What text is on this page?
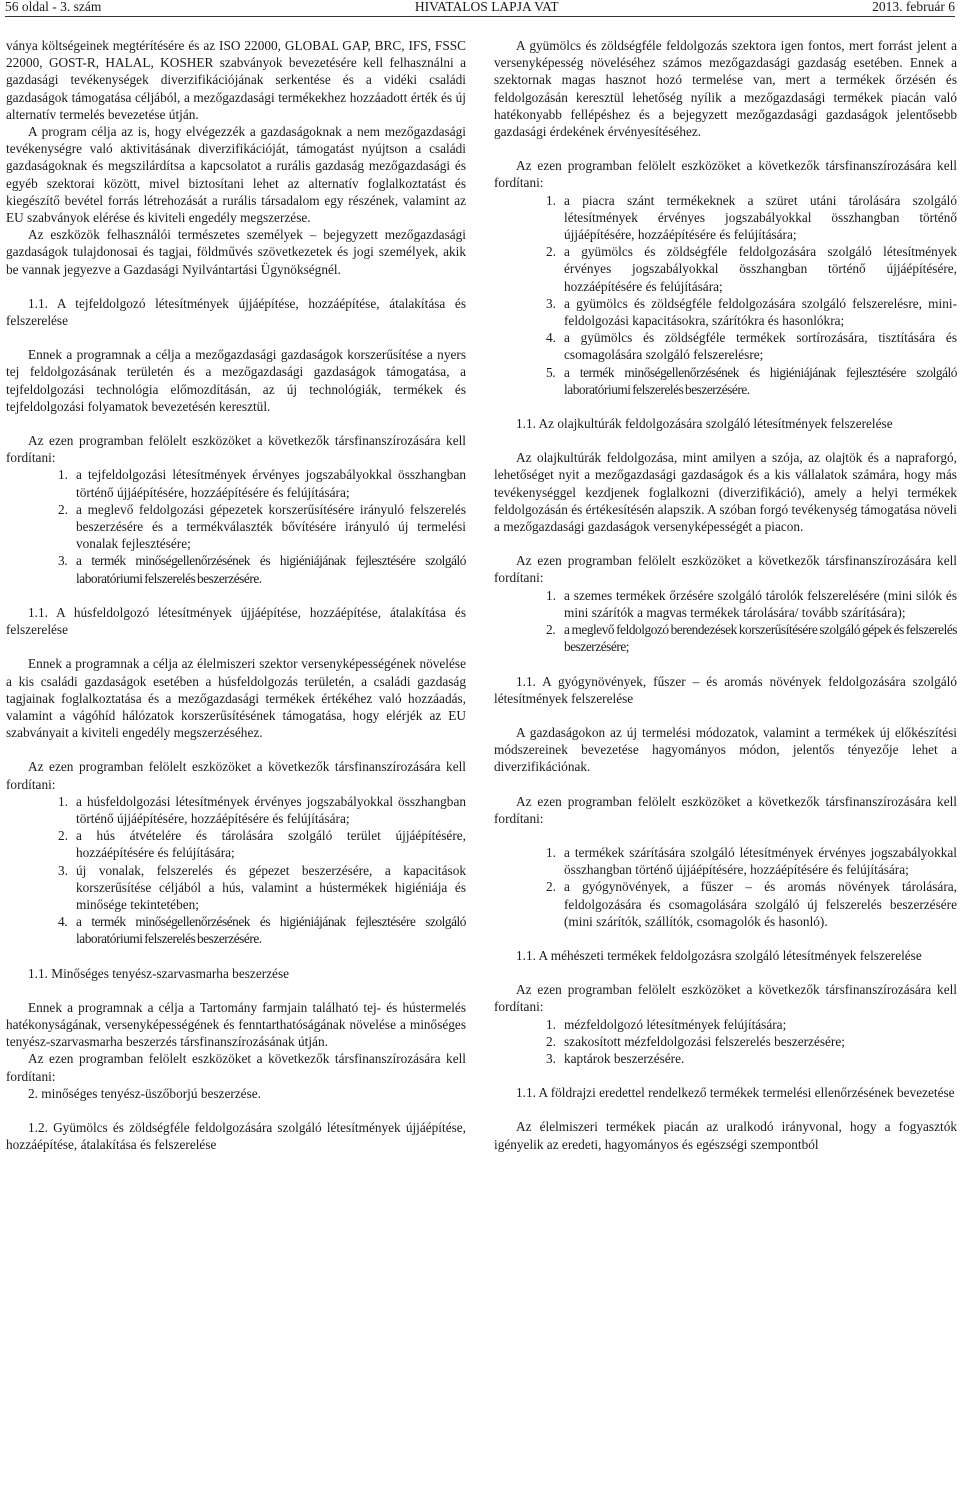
56 oldal - 3. szám	HIVATALOS LAPJA VAT	2013. február 6

ványa költségeinek megtérítésére és az ISO 22000, GLOBAL GAP, BRC, IFS, FSSC 22000, GOST-R, HALAL, KOSHER szabványok bevezetésére kell felhasználni a gazdasági tevékenységek diverzifikációjának serkentése és a vidéki családi gazdaságok támogatása céljából, a mezőgazdasági termékekhez hozzáadott érték és új alternatív termelés bevezetése útján.

A program célja az is, hogy elvégezzék a gazdaságoknak a nem mezőgazdasági tevékenységre való aktivitásának diverzifikációját, támogatást nyújtson a családi gazdaságoknak és megszilárdítsa a kapcsolatot a rurális gazdaság mezőgazdasági és egyéb szektorai között, mivel biztosítani lehet az alternatív foglalkoztatást és kiegészítő bevétel forrás létrehozását a rurális társadalom egy részének, valamint az EU szabványok elérése és kiviteli engedély megszerzése.

Az eszközök felhasználói természetes személyek – bejegyzett mezőgazdasági gazdaságok tulajdonosai és tagjai, földművés szövetkezetek és jogi személyek, akik be vannak jegyezve a Gazdasági Nyilvántartási Ügynökségnél.

1.1. A tejfeldolgozó létesítmények újjáépítése, hozzáépítése, átalakítása és felszerelése

Ennek a programnak a célja a mezőgazdasági gazdaságok korszerűsítése a nyers tej feldolgozásának területén és a mezőgazdasági gazdaságok támogatása, a tejfeldolgozási technológia előmozdításán, az új technológiák, termékek és tejfeldolgozási folyamatok bevezetésén keresztül.

Az ezen programban felölelt eszközöket a következők társfinanszírozására kell fordítani:

1. a tejfeldolgozási létesítmények érvényes jogszabályokkal összhangban történő újjáépítésére, hozzáépítésére és felújítására;
2. a meglevő feldolgozási gépezetek korszerűsítésére irányuló felszerelés beszerzésére és a termékválaszték bővítésére irányuló új termelési vonalak fejlesztésére;
3. a termék minőségellenőrzésének és higiéniájának fejlesztésére szolgáló laboratóriumi felszerelés beszerzésére.

1.1. A húsfeldolgozó létesítmények újjáépítése, hozzáépítése, átalakítása és felszerelése

Ennek a programnak a célja az élelmiszeri szektor versenyképességének növelése a kis családi gazdaságok esetében a húsfeldolgozás területén, a családi gazdaság tagjainak foglalkoztatása és a mezőgazdasági termékek értékéhez való hozzáadás, valamint a vágóhíd hálózatok korszerűsítésének támogatása, hogy elérjék az EU szabványait a kiviteli engedély megszerzéséhez.

Az ezen programban felölelt eszközöket a következők társfinanszírozására kell fordítani:

1. a húsfeldolgozási létesítmények érvényes jogszabályokkal összhangban történő újjáépítésére, hozzáépítésére és felújítására;
2. a hús átvételére és tárolására szolgáló terület újjáépítésére, hozzáépítésére és felújítására;
3. új vonalak, felszerelés és gépezet beszerzésére, a kapacitások korszerűsítése céljából a hús, valamint a hústermékek higiéniája és minősége tekintetében;
4. a termék minőségellenőrzésének és higiéniájának fejlesztésére szolgáló laboratóriumi felszerelés beszerzésére.

1.1. Minőséges tenyész-szarvasmarha beszerzése

Ennek a programnak a célja a Tartomány farmjain található tej- és hústermelés hatékonyságának, versenyképességének és fenntarthatóságának növelése a minőséges tenyész-szarvasmarha beszerzés társfinanszírozásának útján.

Az ezen programban felölelt eszközöket a következők társfinanszírozására kell fordítani:

2. minőséges tenyész-üszőborjú beszerzése.

1.2. Gyümölcs és zöldségféle feldolgozására szolgáló létesítmények újjáépítése, hozzáépítése, átalakítása és felszerelése

A gyümölcs és zöldségféle feldolgozás szektora igen fontos, mert forrást jelent a versenyképesség növeléséhez számos mezőgazdasági gazdaság esetében. Ennek a szektornak magas hasznot hozó termelése van, mert a termékek őrzésén és feldolgozásán keresztül lehetőség nyílik a mezőgazdasági termékek piacán való hatékonyabb fellépéshez és a bejegyzett mezőgazdasági gazdaságok jelentősebb gazdasági érdekének érvényesítéséhez.

Az ezen programban felölelt eszközöket a következők társfinanszírozására kell fordítani:

1. a piacra szánt termékeknek a szüret utáni tárolására szolgáló létesítmények érvényes jogszabályokkal összhangban történő újjáépítésére, hozzáépítésére és felújítására;
2. a gyümölcs és zöldségféle feldolgozására szolgáló létesítmények érvényes jogszabályokkal összhangban történő újjáépítésére, hozzáépítésére és felújítására;
3. a gyümölcs és zöldségféle feldolgozására szolgáló felszerelésre, mini-feldolgozási kapacitásokra, szárítókra és hasonlókra;
4. a gyümölcs és zöldségféle termékek sortírozására, tisztítására és csomagolására szolgáló felszerelésre;
5. a termék minőségellenőrzésének és higiéniájának fejlesztésére szolgáló laboratóriumi felszerelés beszerzésére.

1.1. Az olajkultúrák feldolgozására szolgáló létesítmények felszerelése

Az olajkultúrák feldolgozása, mint amilyen a szója, az olajtök és a napraforgó, lehetőséget nyit a mezőgazdasági gazdaságok és a kis vállalatok számára, hogy más tevékenységgel kezdjenek foglalkozni (diverzifikáció), amely a helyi termékek feldolgozásán és értékesítésén alapszik. A szóban forgó tevékenység támogatása növeli a mezőgazdasági gazdaságok versenyképességét a piacon.

Az ezen programban felölelt eszközöket a következők társfinanszírozására kell fordítani:

1. a szemes termékek őrzésére szolgáló tárolók felszerelésére (mini silók és mini szárítók a magvas termékek tárolására/ tovább szárítására);
2. a meglevő feldolgozó berendezések korszerűsítésére szolgáló gépek és felszerelés beszerzésére;

1.1. A gyógynövények, fűszer – és aromás növények feldolgozására szolgáló létesítmények felszerelése

A gazdaságokon az új termelési módozatok, valamint a termékek új előkészítési módszereinek bevezetése hagyományos módon, jelentős tényezője lehet a diverzifikációnak.

Az ezen programban felölelt eszközöket a következők társfinanszírozására kell fordítani:

1. a termékek szárítására szolgáló létesítmények érvényes jogszabályokkal összhangban történő újjáépítésére, hozzáépítésére és felújítására;
2. a gyógynövények, a fűszer – és aromás növények tárolására, feldolgozására és csomagolására szolgáló új felszerelés beszerzésére (mini szárítók, szállítók, csomagolók és hasonló).

1.1. A méhészeti termékek feldolgozásra szolgáló létesítmények felszerelése

Az ezen programban felölelt eszközöket a következők társfinanszírozására kell fordítani:

1. mézfeldolgozó létesítmények felújítására;
2. szakosított mézfeldolgozási felszerelés beszerzésére;
3. kaptárok beszerzésére.

1.1. A földrajzi eredettel rendelkező termékek termelési ellenőrzésének bevezetése

Az élelmiszeri termékek piacán az uralkodó irányvonal, hogy a fogyasztók igényelik az eredeti, hagyományos és egészségi szempontból
